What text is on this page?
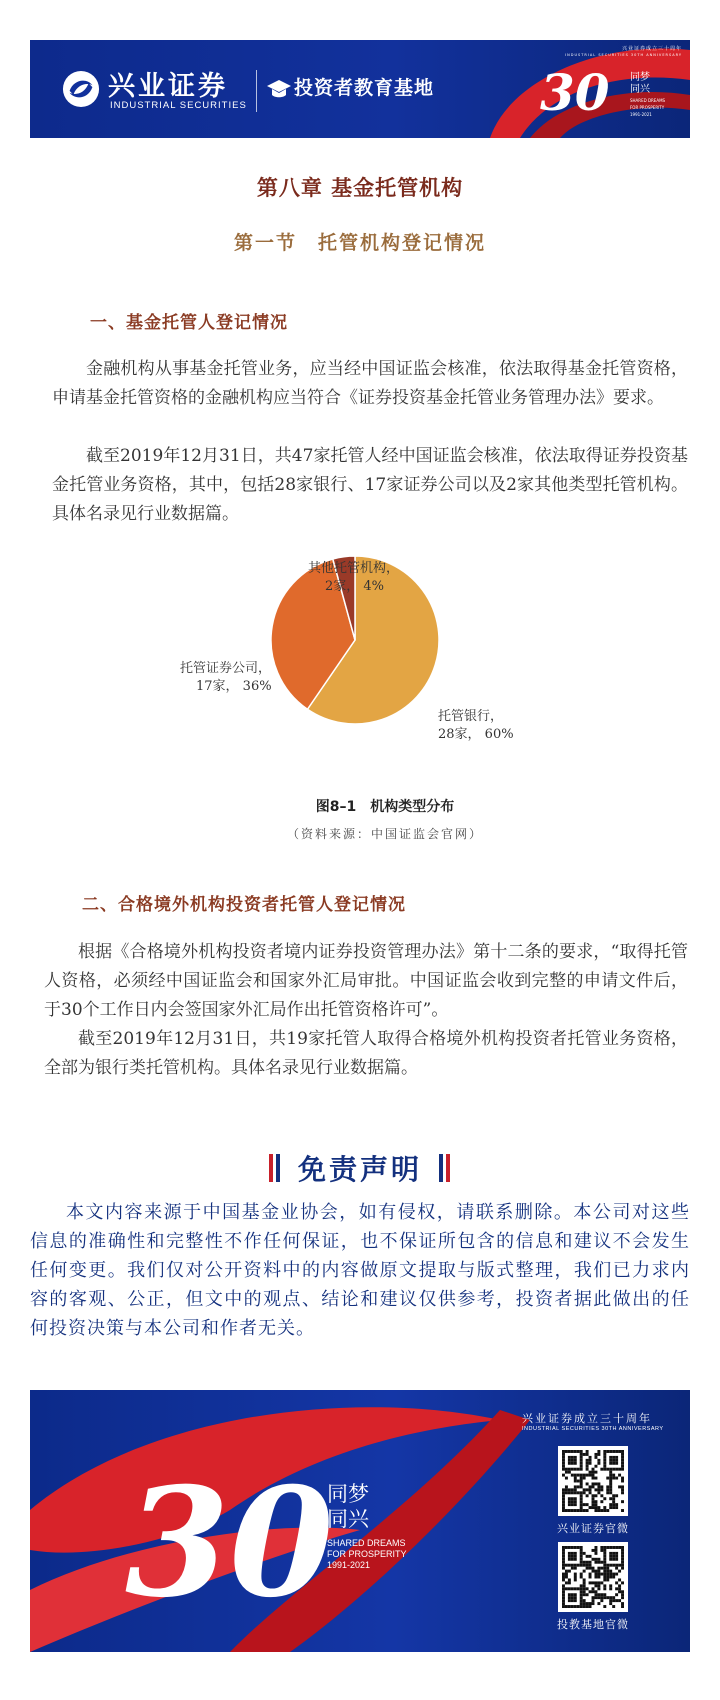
兴业证券
INDUSTRIAL SECURITIES
投资者教育基地 30
兴业证券成立三十周年
INDUSTRIAL SECURITIES 30TH ANNIVERSARY
同梦
同兴
SHARED DREAMS
FOR PROSPERITY
1991-2021
第八章 基金托管机构
第一节　托管机构登记情况
一、基金托管人登记情况

金融机构从事基金托管业务，应当经中国证监会核准，依法取得基金托管资格，申请基金托管资格的金融机构应当符合《证券投资基金托管业务管理办法》要求。

截至2019年12月31日，共47家托管人经中国证监会核准，依法取得证券投资基金托管业务资格，其中，包括28家银行、17家证券公司以及2家其他类型托管机构。具体名录见行业数据篇。

其他托管机构，
2家， 4%
托管证券公司，
17家， 36%
托管银行，
28家， 60%
图8–1　机构类型分布
（资料来源：中国证监会官网）
二、合格境外机构投资者托管人登记情况

根据《合格境外机构投资者境内证券投资管理办法》第十二条的要求，“取得托管人资格，必须经中国证监会和国家外汇局审批。中国证监会收到完整的申请文件后，于30个工作日内会签国家外汇局作出托管资格许可”。

截至2019年12月31日，共19家托管人取得合格境外机构投资者托管业务资格，全部为银行类托管机构。具体名录见行业数据篇。

免责声明

本文内容来源于中国基金业协会，如有侵权，请联系删除。本公司对这些信息的准确性和完整性不作任何保证，也不保证所包含的信息和建议不会发生任何变更。我们仅对公开资料中的内容做原文提取与版式整理，我们已力求内容的客观、公正，但文中的观点、结论和建议仅供参考，投资者据此做出的任何投资决策与本公司和作者无关。

30
兴业证券成立三十周年
INDUSTRIAL SECURITIES 30TH ANNIVERSARY
同梦
同兴
SHARED DREAMS
FOR PROSPERITY
1991-2021
兴业证券官微
投教基地官微
